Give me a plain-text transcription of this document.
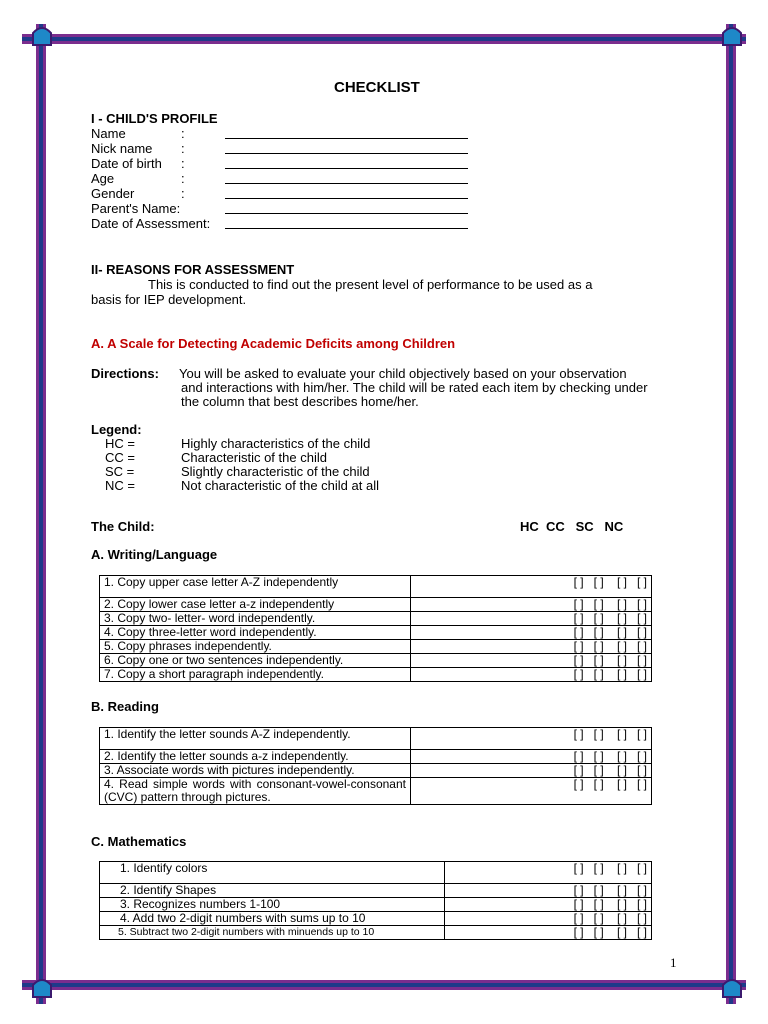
CHECKLIST
I - CHILD'S PROFILE
Name	:
Nick name :
Date of birth :
Age	:
Gender	:
Parent's Name:
Date of Assessment:
II- REASONS FOR ASSESSMENT
This is conducted to find out the present level of performance to be used as a
basis for IEP development.
A. A Scale for Detecting Academic Deficits among Children
Directions: You will be asked to evaluate your child objectively based on your observation
and interactions with him/her. The child will be rated each item by checking under
the column that best describes home/her.
Legend:
HC =	Highly characteristics of the child
CC =	Characteristic of the child
SC =	Slightly characteristic of the child
NC =	Not characteristic of the child at all
The Child:	HC  CC   SC   NC
A. Writing/Language
1. Copy upper case letter A-Z independently	[ ]   [ ]    [ ]   [ ]
2. Copy lower case letter a-z independently	[ ]   [ ]    [ ]   [ ]
3. Copy two- letter- word independently.	[ ]   [ ]    [ ]   [ ]
4. Copy three-letter word independently.	[ ]   [ ]    [ ]   [ ]
5. Copy phrases independently.	[ ]   [ ]    [ ]   [ ]
6. Copy one or two sentences independently.	[ ]   [ ]    [ ]   [ ]
7. Copy a short paragraph independently.	[ ]   [ ]    [ ]   [ ]
B. Reading
1. Identify the letter sounds A-Z independently.	[ ]   [ ]    [ ]   [ ]
2. Identify the letter sounds a-z independently.	[ ]   [ ]    [ ]   [ ]
3. Associate words with pictures independently.	[ ]   [ ]    [ ]   [ ]
4. Read simple words with consonant-vowel-consonant (CVC) pattern through pictures.	[ ]   [ ]    [ ]   [ ]
C. Mathematics
1. Identify colors	[ ]   [ ]    [ ]   [ ]
2. Identify Shapes	[ ]   [ ]    [ ]   [ ]
3. Recognizes numbers 1-100	[ ]   [ ]    [ ]   [ ]
4. Add two 2-digit numbers with sums up to 10	[ ]   [ ]    [ ]   [ ]
5. Subtract two 2-digit numbers with minuends up to 10	[ ]   [ ]    [ ]   [ ]
1
